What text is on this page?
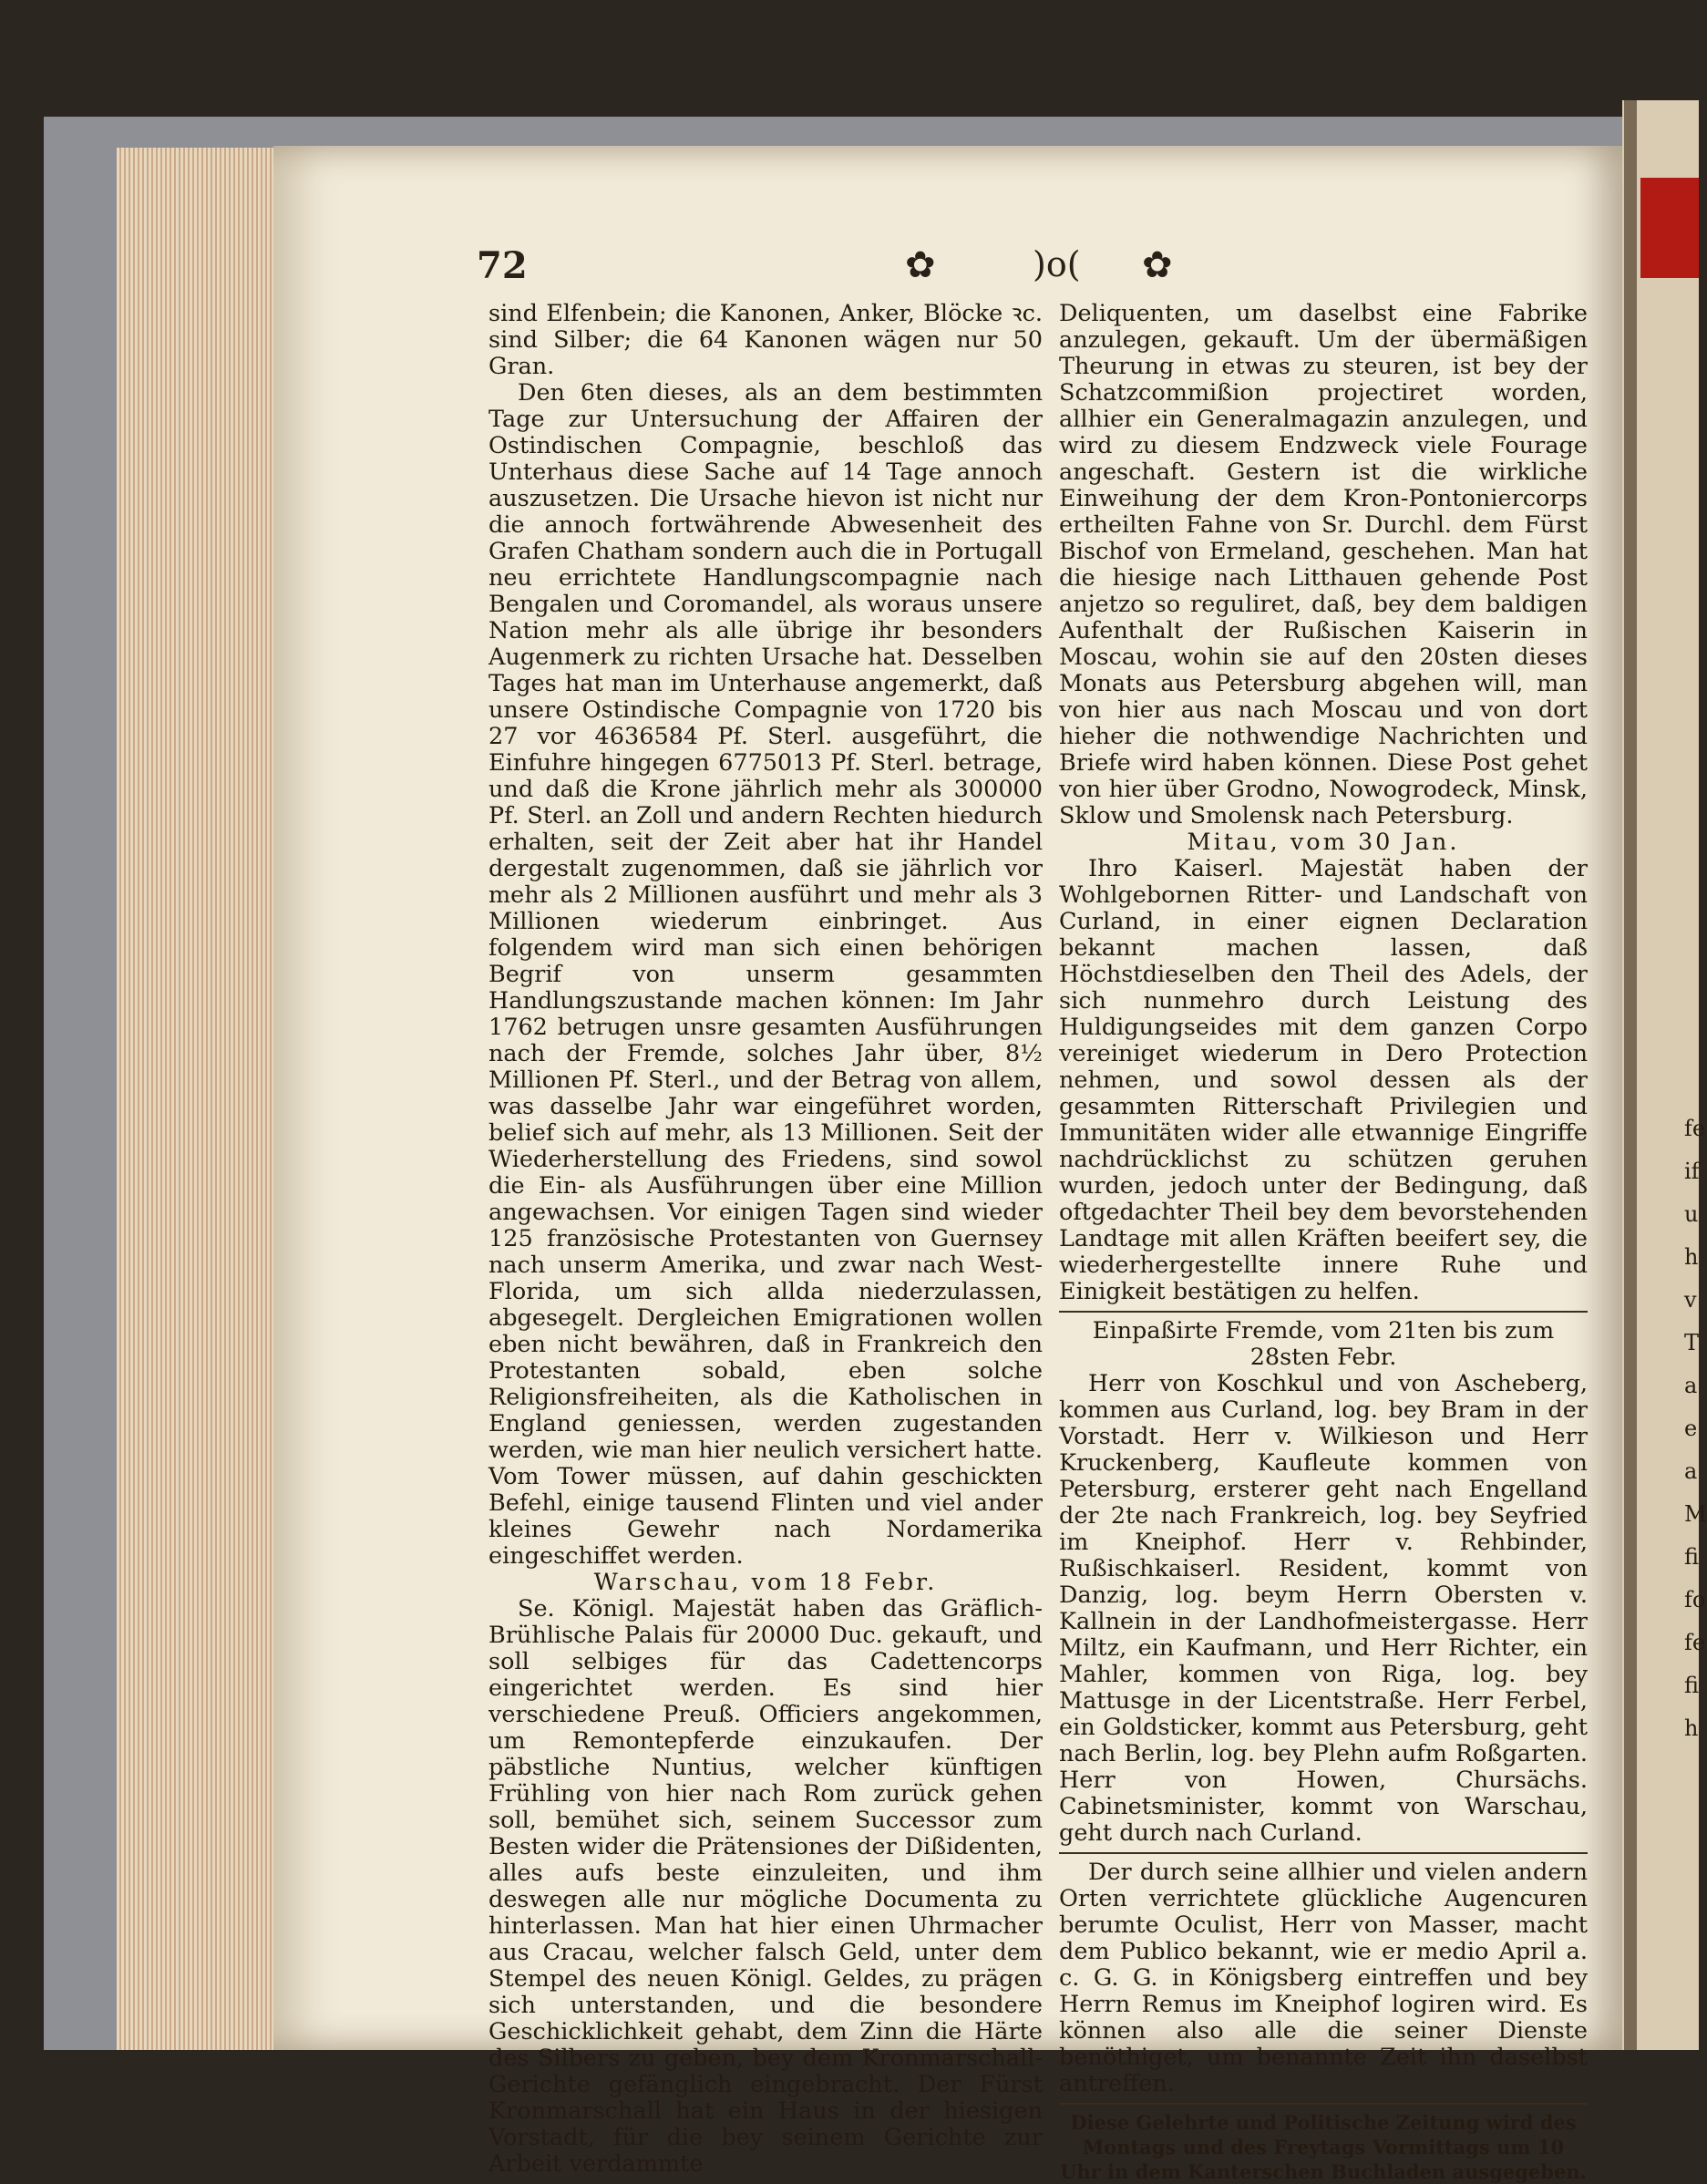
fe
if
u
h
v
T
a
e
a
M
fi
fo
fe
fi
h
72	✿	)o( ✿

sind Elfenbein; die Kanonen, Anker, Blöcke ꝛc. sind Silber; die 64 Kanonen wägen nur 50 Gran.

Den 6ten dieses, als an dem bestimmten Tage zur Untersuchung der Affairen der Ostindischen Compagnie, beschloß das Unterhaus diese Sache auf 14 Tage annoch auszusetzen. Die Ursache hievon ist nicht nur die annoch fortwährende Abwesenheit des Grafen Chatham sondern auch die in Portugall neu errichtete Handlungscompagnie nach Bengalen und Coromandel, als woraus unsere Nation mehr als alle übrige ihr besonders Augenmerk zu richten Ursache hat. Desselben Tages hat man im Unterhause angemerkt, daß unsere Ostindische Compagnie von 1720 bis 27 vor 4636584 Pf. Sterl. ausgeführt, die Einfuhre hingegen 6775013 Pf. Sterl. betrage, und daß die Krone jährlich mehr als 300000 Pf. Sterl. an Zoll und andern Rechten hiedurch erhalten, seit der Zeit aber hat ihr Handel dergestalt zugenommen, daß sie jährlich vor mehr als 2 Millionen ausführt und mehr als 3 Millionen wiederum einbringet. Aus folgendem wird man sich einen behörigen Begrif von unserm gesammten Handlungszustande machen können: Im Jahr 1762 betrugen unsre gesamten Ausführungen nach der Fremde, solches Jahr über, 8½ Millionen Pf. Sterl., und der Betrag von allem, was dasselbe Jahr war eingeführet worden, belief sich auf mehr, als 13 Millionen. Seit der Wiederherstellung des Friedens, sind sowol die Ein- als Ausführungen über eine Million angewachsen. Vor einigen Tagen sind wieder 125 französische Protestanten von Guernsey nach unserm Amerika, und zwar nach West-Florida, um sich allda niederzulassen, abgesegelt. Dergleichen Emigrationen wollen eben nicht bewähren, daß in Frankreich den Protestanten sobald, eben solche Religionsfreiheiten, als die Katholischen in England geniessen, werden zugestanden werden, wie man hier neulich versichert hatte. Vom Tower müssen, auf dahin geschickten Befehl, einige tausend Flinten und viel ander kleines Gewehr nach Nordamerika eingeschiffet werden.

Warschau, vom 18 Febr.

Se. Königl. Majestät haben das Gräflich-Brühlische Palais für 20000 Duc. gekauft, und soll selbiges für das Cadettencorps eingerichtet werden. Es sind hier verschiedene Preuß. Officiers angekommen, um Remontepferde einzukaufen. Der päbstliche Nuntius, welcher künftigen Frühling von hier nach Rom zurück gehen soll, bemühet sich, seinem Successor zum Besten wider die Prätensiones der Dißidenten, alles aufs beste einzuleiten, und ihm deswegen alle nur mögliche Documenta zu hinterlassen. Man hat hier einen Uhrmacher aus Cracau, welcher falsch Geld, unter dem Stempel des neuen Königl. Geldes, zu prägen sich unterstanden, und die besondere Geschicklichkeit gehabt, dem Zinn die Härte des Silbers zu geben, bey dem Kronmarschall-Gerichte gefänglich eingebracht. Der Fürst Kronmarschall hat ein Haus in der hiesigen Vorstadt, für die bey seinem Gerichte zur Arbeit verdammte

Deliquenten, um daselbst eine Fabrike anzulegen, gekauft. Um der übermäßigen Theurung in etwas zu steuren, ist bey der Schatzcommißion projectiret worden, allhier ein Generalmagazin anzulegen, und wird zu diesem Endzweck viele Fourage angeschaft. Gestern ist die wirkliche Einweihung der dem Kron-Pontoniercorps ertheilten Fahne von Sr. Durchl. dem Fürst Bischof von Ermeland, geschehen. Man hat die hiesige nach Litthauen gehende Post anjetzo so reguliret, daß, bey dem baldigen Aufenthalt der Rußischen Kaiserin in Moscau, wohin sie auf den 20sten dieses Monats aus Petersburg abgehen will, man von hier aus nach Moscau und von dort hieher die nothwendige Nachrichten und Briefe wird haben können. Diese Post gehet von hier über Grodno, Nowogrodeck, Minsk, Sklow und Smolensk nach Petersburg.

Mitau, vom 30 Jan.

Ihro Kaiserl. Majestät haben der Wohlgebornen Ritter- und Landschaft von Curland, in einer eignen Declaration bekannt machen lassen, daß Höchstdieselben den Theil des Adels, der sich nunmehro durch Leistung des Huldigungseides mit dem ganzen Corpo vereiniget wiederum in Dero Protection nehmen, und sowol dessen als der gesammten Ritterschaft Privilegien und Immunitäten wider alle etwannige Eingriffe nachdrücklichst zu schützen geruhen wurden, jedoch unter der Bedingung, daß oftgedachter Theil bey dem bevorstehenden Landtage mit allen Kräften beeifert sey, die wiederhergestellte innere Ruhe und Einigkeit bestätigen zu helfen.

Einpaßirte Fremde, vom 21ten bis zum 28sten Febr.

Herr von Koschkul und von Ascheberg, kommen aus Curland, log. bey Bram in der Vorstadt. Herr v. Wilkieson und Herr Kruckenberg, Kaufleute kommen von Petersburg, ersterer geht nach Engelland der 2te nach Frankreich, log. bey Seyfried im Kneiphof. Herr v. Rehbinder, Rußischkaiserl. Resident, kommt von Danzig, log. beym Herrn Obersten v. Kallnein in der Landhofmeistergasse. Herr Miltz, ein Kaufmann, und Herr Richter, ein Mahler, kommen von Riga, log. bey Mattusge in der Licentstraße. Herr Ferbel, ein Goldsticker, kommt aus Petersburg, geht nach Berlin, log. bey Plehn aufm Roßgarten. Herr von Howen, Chursächs. Cabinetsminister, kommt von Warschau, geht durch nach Curland.

Der durch seine allhier und vielen andern Orten verrichtete glückliche Augencuren berumte Oculist, Herr von Masser, macht dem Publico bekannt, wie er medio April a. c. G. G. in Königsberg eintreffen und bey Herrn Remus im Kneiphof logiren wird. Es können also alle die seiner Dienste benöthiget, um benannte Zeit ihn daselbst antreffen.

Diese Gelehrte und Politische Zeitung wird des Montags und des Freytags Vormittags um 10 Uhr in dem Kanterschen Buchladen ausgegeben.
